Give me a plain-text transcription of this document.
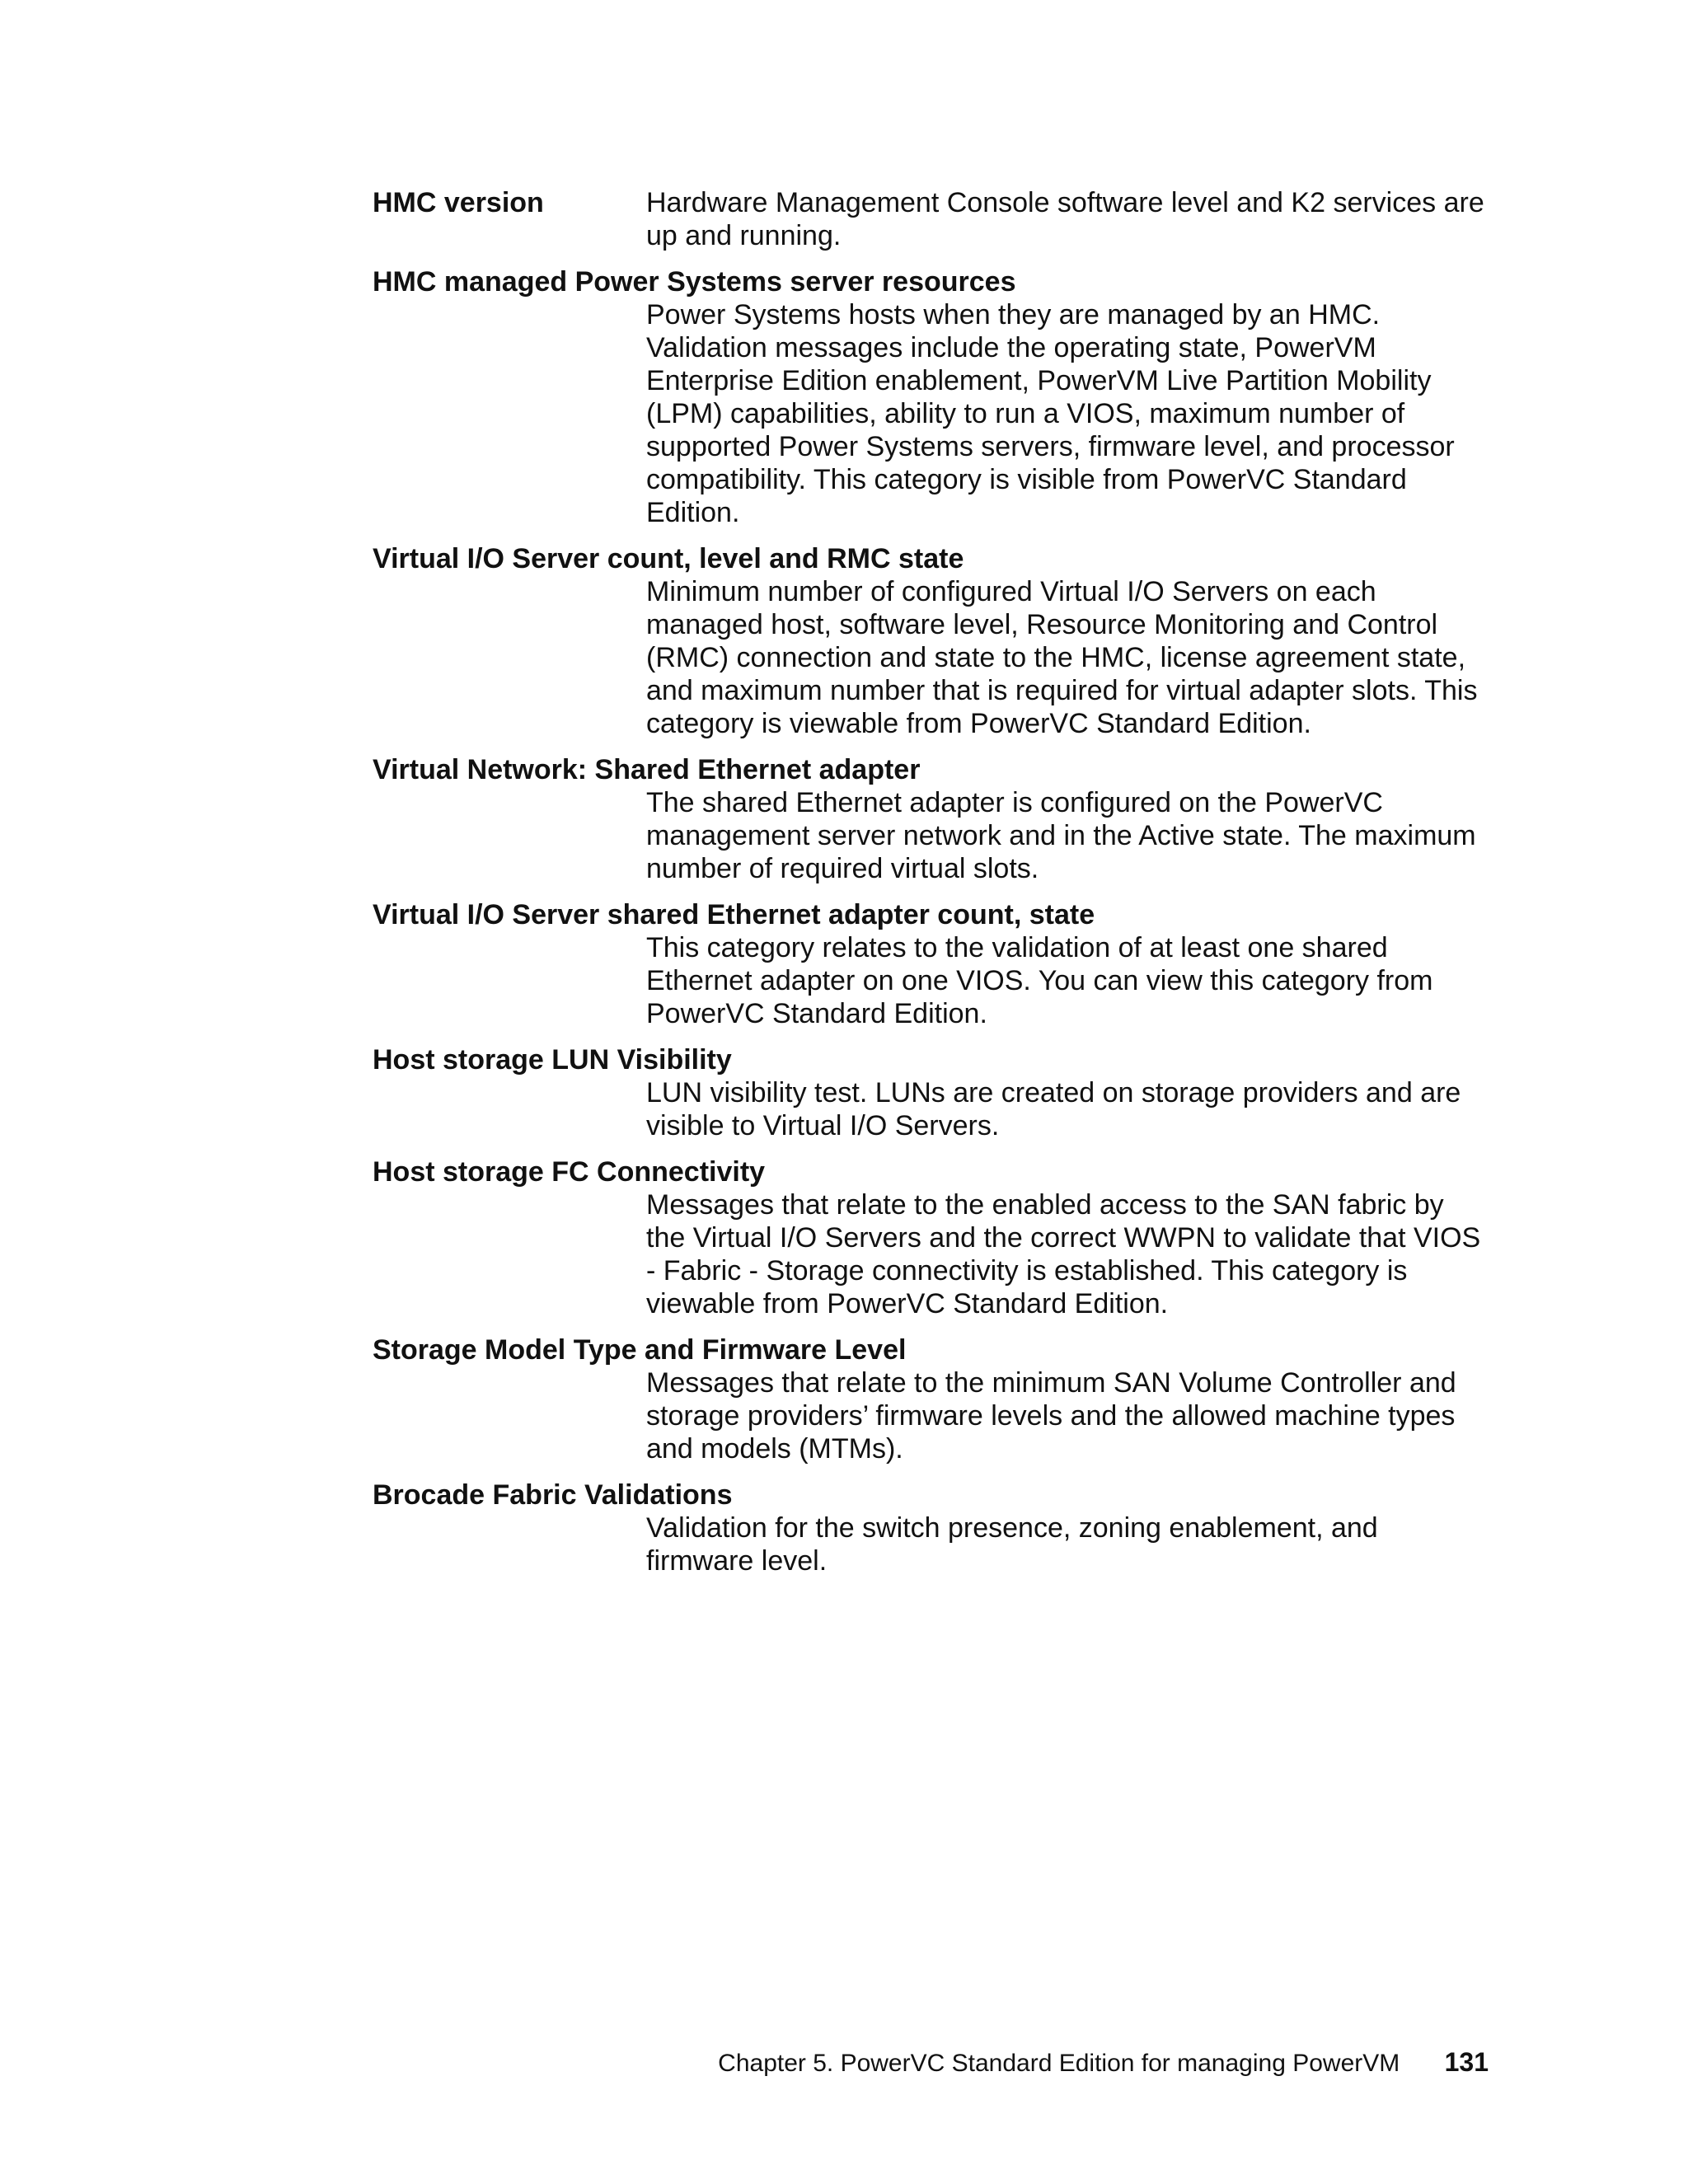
HMC version	Hardware Management Console software level and K2 services are up and running.
HMC managed Power Systems server resources
Power Systems hosts when they are managed by an HMC. Validation messages include the operating state, PowerVM Enterprise Edition enablement, PowerVM Live Partition Mobility (LPM) capabilities, ability to run a VIOS, maximum number of supported Power Systems servers, firmware level, and processor compatibility. This category is visible from PowerVC Standard Edition.
Virtual I/O Server count, level and RMC state
Minimum number of configured Virtual I/O Servers on each managed host, software level, Resource Monitoring and Control (RMC) connection and state to the HMC, license agreement state, and maximum number that is required for virtual adapter slots. This category is viewable from PowerVC Standard Edition.
Virtual Network: Shared Ethernet adapter
The shared Ethernet adapter is configured on the PowerVC management server network and in the Active state. The maximum number of required virtual slots.
Virtual I/O Server shared Ethernet adapter count, state
This category relates to the validation of at least one shared Ethernet adapter on one VIOS. You can view this category from PowerVC Standard Edition.
Host storage LUN Visibility
LUN visibility test. LUNs are created on storage providers and are visible to Virtual I/O Servers.
Host storage FC Connectivity
Messages that relate to the enabled access to the SAN fabric by the Virtual I/O Servers and the correct WWPN to validate that VIOS - Fabric - Storage connectivity is established. This category is viewable from PowerVC Standard Edition.
Storage Model Type and Firmware Level
Messages that relate to the minimum SAN Volume Controller and storage providers’ firmware levels and the allowed machine types and models (MTMs).
Brocade Fabric Validations
Validation for the switch presence, zoning enablement, and firmware level.
Chapter 5. PowerVC Standard Edition for managing PowerVM 131
